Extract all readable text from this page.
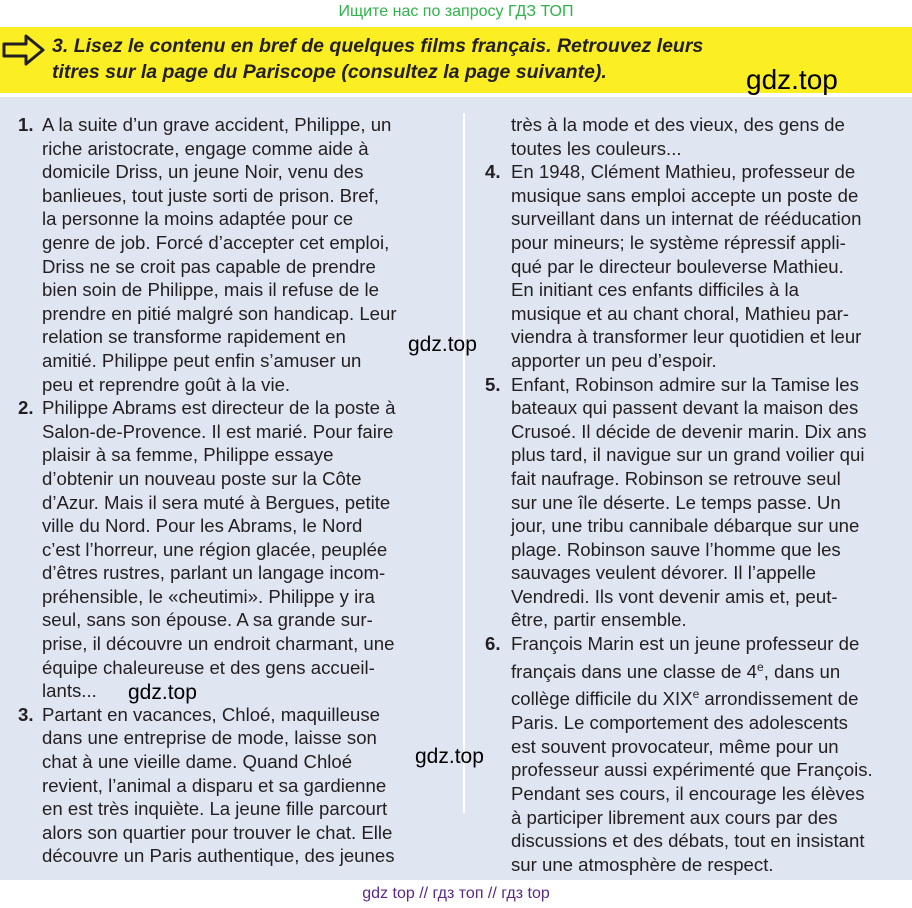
Ищите нас по запросу ГДЗ ТОП

3. Lisez le contenu en bref de quelques films français. Retrouvez leurs
titres sur la page du Pariscope (consultez la page suivante).	gdz.top
1. A la suite d’un grave accident, Philippe, un
riche aristocrate, engage comme aide à
domicile Driss, un jeune Noir, venu des
banlieues, tout juste sorti de prison. Bref,
la personne la moins adaptée pour ce
genre de job. Forcé d’accepter cet emploi,
Driss ne se croit pas capable de prendre
bien soin de Philippe, mais il refuse de le
prendre en pitié malgré son handicap. Leur
relation se transforme rapidement en
amitié. Philippe peut enfin s’amuser un
peu et reprendre goût à la vie.
2. Philippe Abrams est directeur de la poste à
Salon-de-Provence. Il est marié. Pour faire
plaisir à sa femme, Philippe essaye
d’obtenir un nouveau poste sur la Côte
d’Azur. Mais il sera muté à Bergues, petite
ville du Nord. Pour les Abrams, le Nord
c’est l’horreur, une région glacée, peuplée
d’êtres rustres, parlant un langage incom-
préhensible, le «cheutimi». Philippe y ira
seul, sans son épouse. A sa grande sur-
prise, il découvre un endroit charmant, une
équipe chaleureuse et des gens accueil-
lants...
3. Partant en vacances, Chloé, maquilleuse
dans une entreprise de mode, laisse son
chat à une vieille dame. Quand Chloé
revient, l’animal a disparu et sa gardienne
en est très inquiète. La jeune fille parcourt
alors son quartier pour trouver le chat. Elle
découvre un Paris authentique, des jeunes
très à la mode et des vieux, des gens de
toutes les couleurs...
4. En 1948, Clément Mathieu, professeur de
musique sans emploi accepte un poste de
surveillant dans un internat de rééducation
pour mineurs; le système répressif appli-
qué par le directeur bouleverse Mathieu.
En initiant ces enfants difficiles à la
musique et au chant choral, Mathieu par-
viendra à transformer leur quotidien et leur
apporter un peu d’espoir.
5. Enfant, Robinson admire sur la Tamise les
bateaux qui passent devant la maison des
Crusoé. Il décide de devenir marin. Dix ans
plus tard, il navigue sur un grand voilier qui
fait naufrage. Robinson se retrouve seul
sur une île déserte. Le temps passe. Un
jour, une tribu cannibale débarque sur une
plage. Robinson sauve l’homme que les
sauvages veulent dévorer. Il l’appelle
Vendredi. Ils vont devenir amis et, peut-
être, partir ensemble.
6. François Marin est un jeune professeur de
français dans une classe de 4e, dans un
collège difficile du XIXe arrondissement de
Paris. Le comportement des adolescents
est souvent provocateur, même pour un
professeur aussi expérimenté que François.
Pendant ses cours, il encourage les élèves
à participer librement aux cours par des
discussions et des débats, tout en insistant
sur une atmosphère de respect.
gdz.top
gdz.top
gdz.top
gdz top // гдз топ // гдз top
